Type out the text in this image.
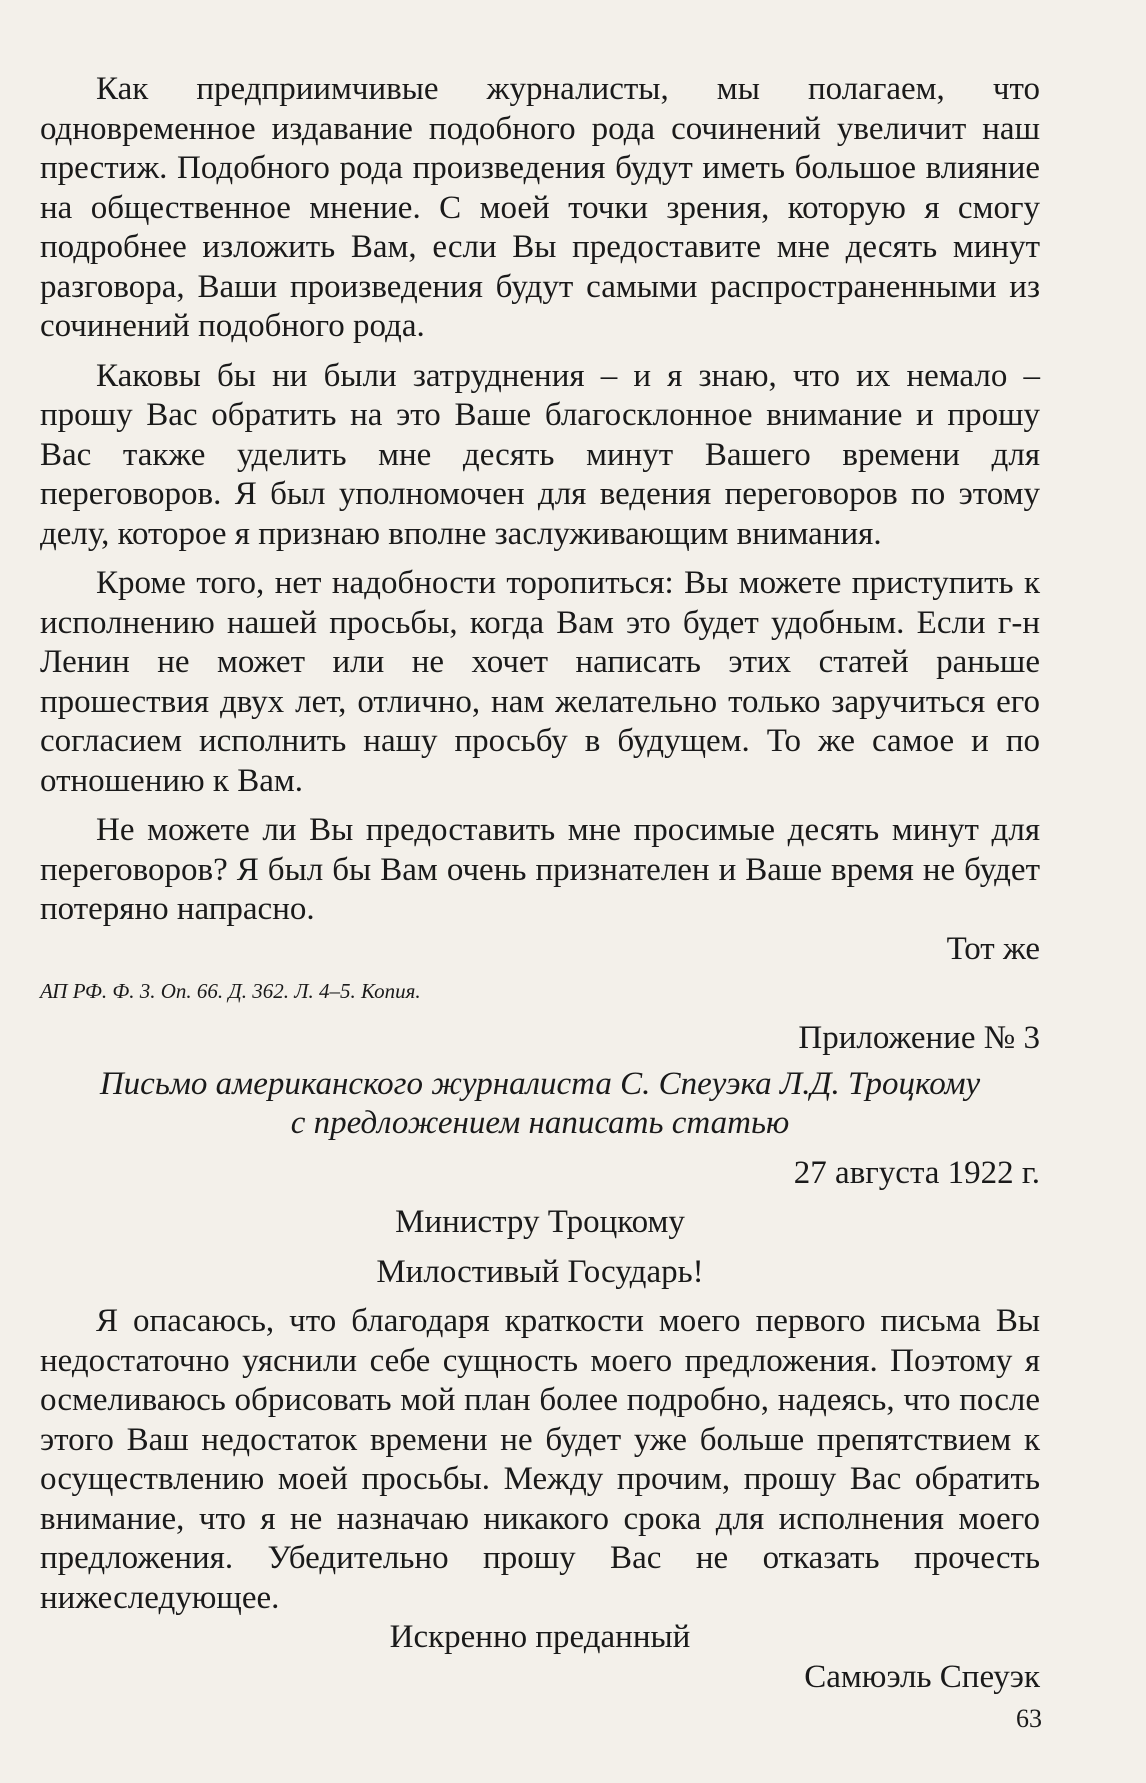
Как предприимчивые журналисты, мы полагаем, что одновременное издавание подобного рода сочинений увеличит наш престиж. Подобного рода произведения будут иметь большое влияние на общественное мнение. С моей точки зрения, которую я смогу подробнее изложить Вам, если Вы предоставите мне десять минут разговора, Ваши произведения будут самыми распространенными из сочинений подобного рода.

Каковы бы ни были затруднения – и я знаю, что их немало – прошу Вас обратить на это Ваше благосклонное внимание и прошу Вас также уделить мне десять минут Вашего времени для переговоров. Я был уполномочен для ведения переговоров по этому делу, которое я признаю вполне заслуживающим внимания.

Кроме того, нет надобности торопиться: Вы можете приступить к исполнению нашей просьбы, когда Вам это будет удобным. Если г-н Ленин не может или не хочет написать этих статей раньше прошествия двух лет, отлично, нам желательно только заручиться его согласием исполнить нашу просьбу в будущем. То же самое и по отношению к Вам.

Не можете ли Вы предоставить мне просимые десять минут для переговоров? Я был бы Вам очень признателен и Ваше время не будет потеряно напрасно.

Тот же

АП РФ. Ф. 3. Оп. 66. Д. 362. Л. 4–5. Копия.

Приложение № 3

Письмо американского журналиста С. Спеуэка Л.Д. Троцкому

с предложением написать статью

27 августа 1922 г.

Министру Троцкому

Милостивый Государь!

Я опасаюсь, что благодаря краткости моего первого письма Вы недостаточно уяснили себе сущность моего предложения. Поэтому я осмеливаюсь обрисовать мой план более подробно, надеясь, что после этого Ваш недостаток времени не будет уже больше препятствием к осуществлению моей просьбы. Между прочим, прошу Вас обратить внимание, что я не назначаю никакого срока для исполнения моего предложения. Убедительно прошу Вас не отказать прочесть нижеследующее.

Искренно преданный

Самюэль Спеуэк

63
